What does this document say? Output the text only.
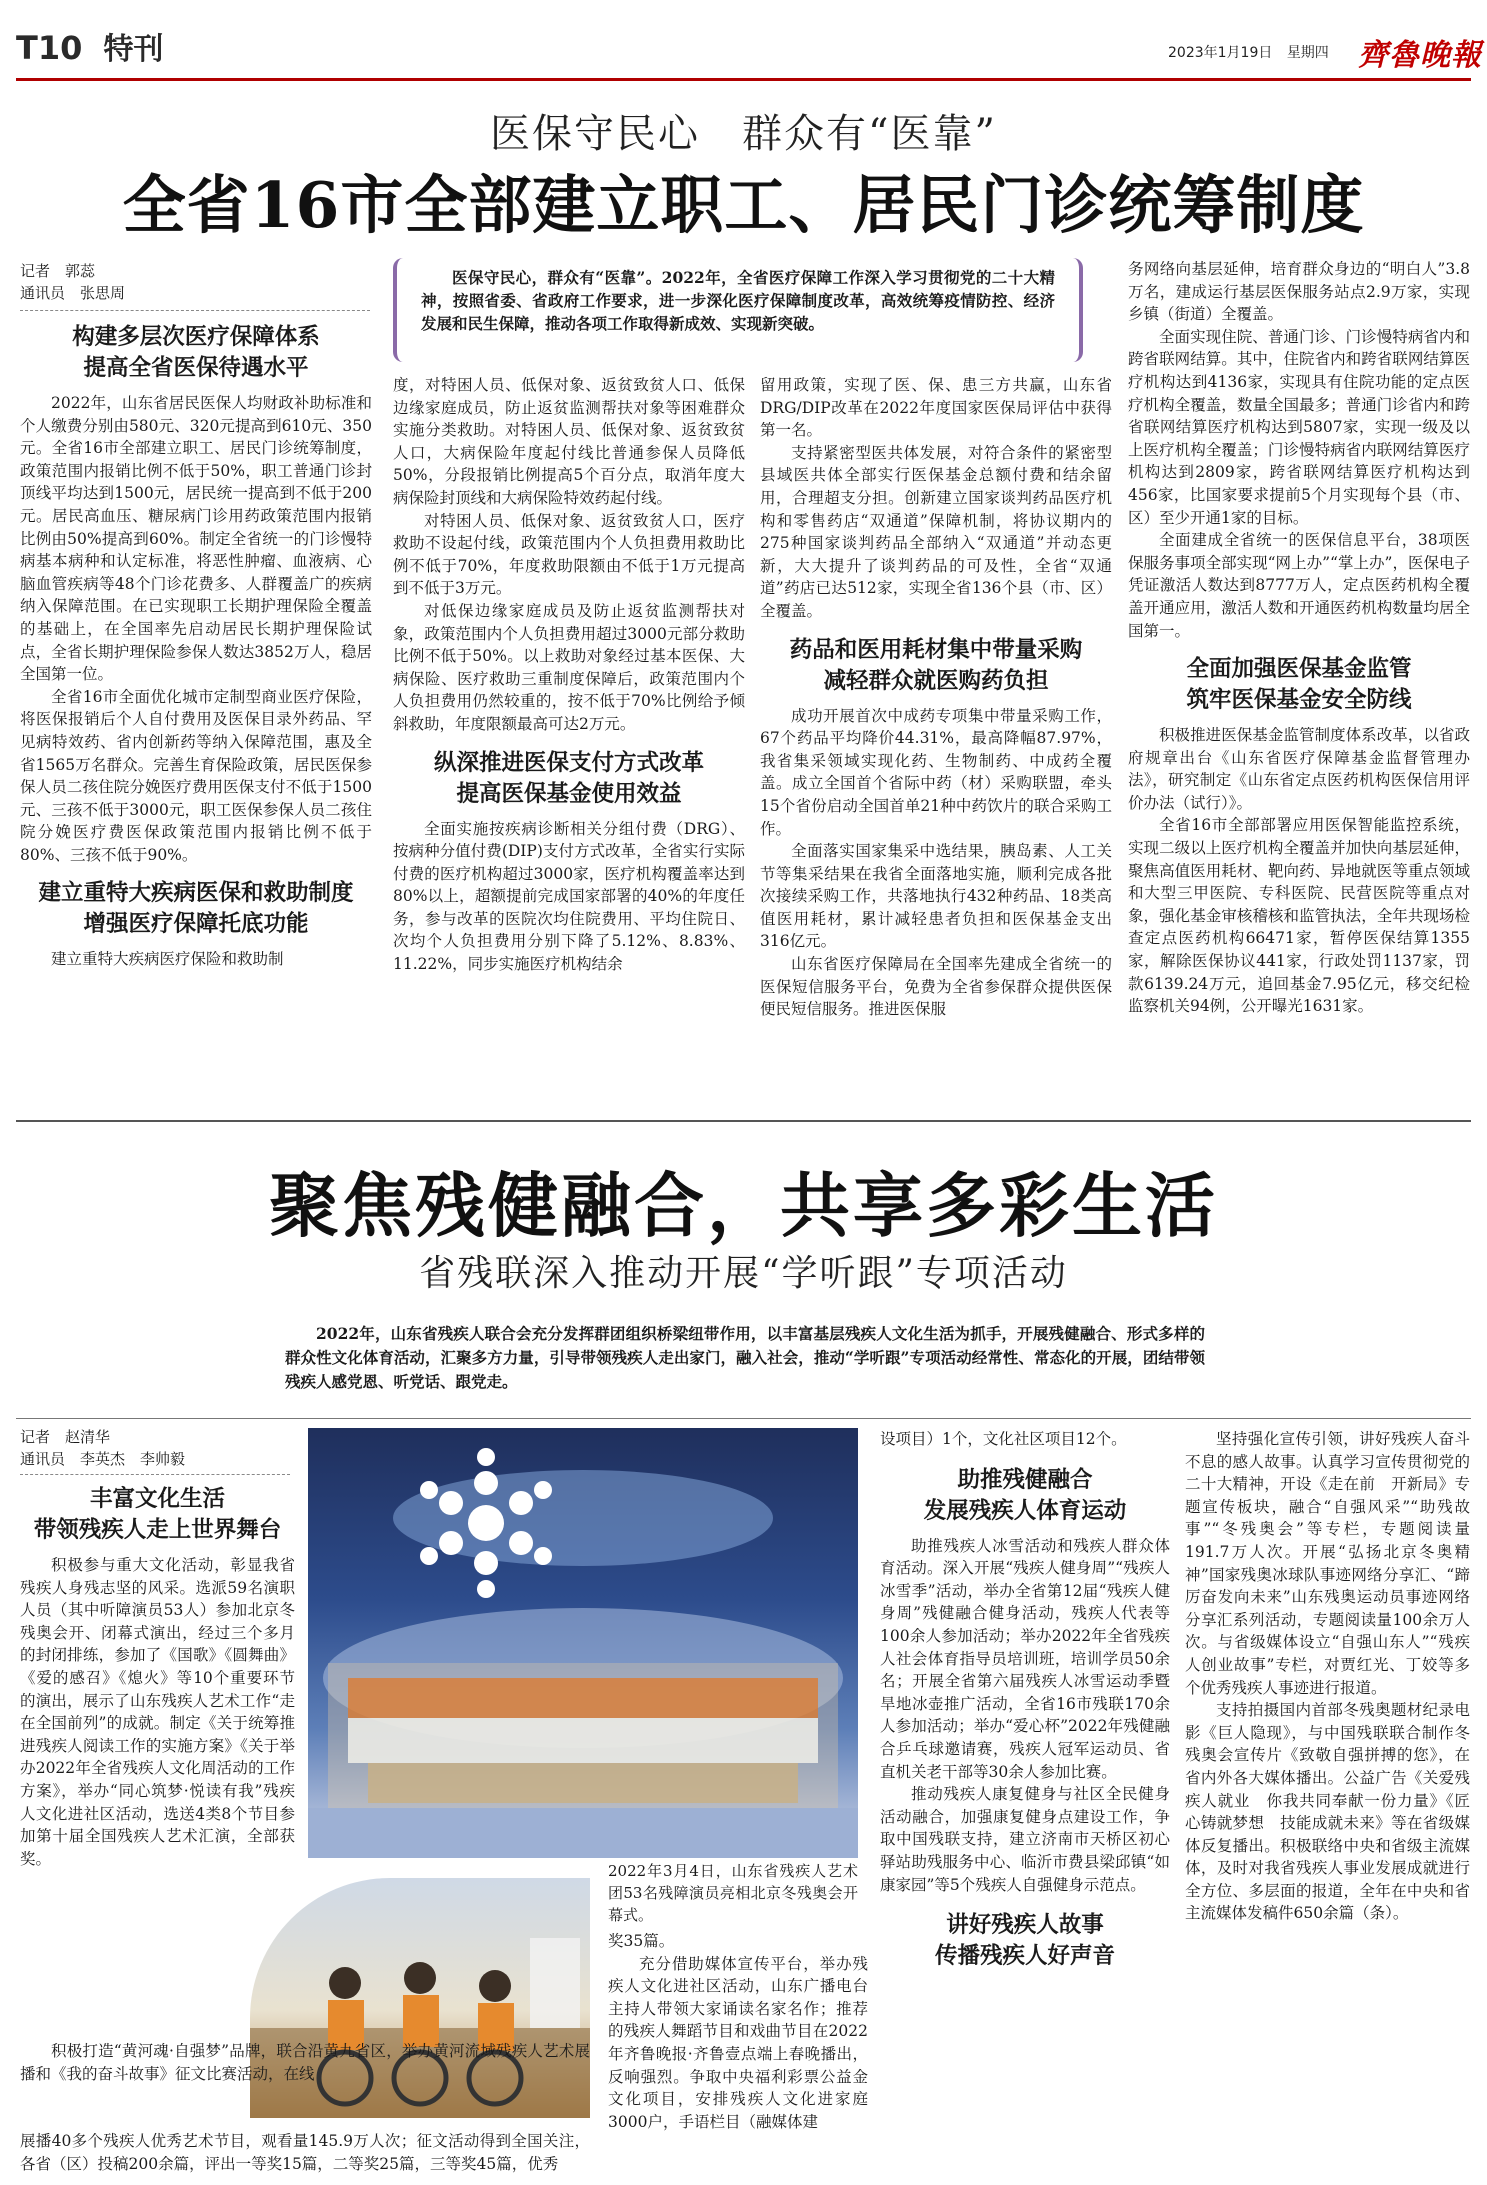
T10 特刊	2023年1月19日 星期四 齊魯晚報
医保守民心　群众有“医靠”
全省16市全部建立职工、居民门诊统筹制度
记者　郭蕊
通讯员　张思周
医保守民心，群众有“医靠”。2022年，全省医疗保障工作深入学习贯彻党的二十大精神，按照省委、省政府工作要求，进一步深化医疗保障制度改革，高效统筹疫情防控、经济发展和民生保障，推动各项工作取得新成效、实现新突破。
构建多层次医疗保障体系
提高全省医保待遇水平

2022年，山东省居民医保人均财政补助标准和个人缴费分别由580元、320元提高到610元、350元。全省16市全部建立职工、居民门诊统筹制度，政策范围内报销比例不低于50%，职工普通门诊封顶线平均达到1500元，居民统一提高到不低于200元。居民高血压、糖尿病门诊用药政策范围内报销比例由50%提高到60%。制定全省统一的门诊慢特病基本病种和认定标准，将恶性肿瘤、血液病、心脑血管疾病等48个门诊花费多、人群覆盖广的疾病纳入保障范围。在已实现职工长期护理保险全覆盖的基础上，在全国率先启动居民长期护理保险试点，全省长期护理保险参保人数达3852万人，稳居全国第一位。

全省16市全面优化城市定制型商业医疗保险，将医保报销后个人自付费用及医保目录外药品、罕见病特效药、省内创新药等纳入保障范围，惠及全省1565万名群众。完善生育保险政策，居民医保参保人员二孩住院分娩医疗费用医保支付不低于1500元、三孩不低于3000元，职工医保参保人员二孩住院分娩医疗费医保政策范围内报销比例不低于80%、三孩不低于90%。

建立重特大疾病医保和救助制度
增强医疗保障托底功能

建立重特大疾病医疗保险和救助制

度，对特困人员、低保对象、返贫致贫人口、低保边缘家庭成员，防止返贫监测帮扶对象等困难群众实施分类救助。对特困人员、低保对象、返贫致贫人口，大病保险年度起付线比普通参保人员降低50%，分段报销比例提高5个百分点，取消年度大病保险封顶线和大病保险特效药起付线。

对特困人员、低保对象、返贫致贫人口，医疗救助不设起付线，政策范围内个人负担费用救助比例不低于70%，年度救助限额由不低于1万元提高到不低于3万元。

对低保边缘家庭成员及防止返贫监测帮扶对象，政策范围内个人负担费用超过3000元部分救助比例不低于50%。以上救助对象经过基本医保、大病保险、医疗救助三重制度保障后，政策范围内个人负担费用仍然较重的，按不低于70%比例给予倾斜救助，年度限额最高可达2万元。

纵深推进医保支付方式改革
提高医保基金使用效益

全面实施按疾病诊断相关分组付费（DRG）、按病种分值付费(DIP)支付方式改革，全省实行实际付费的医疗机构超过3000家，医疗机构覆盖率达到80%以上，超额提前完成国家部署的40%的年度任务，参与改革的医院次均住院费用、平均住院日、次均个人负担费用分别下降了5.12%、8.83%、11.22%，同步实施医疗机构结余

留用政策，实现了医、保、患三方共赢，山东省DRG/DIP改革在2022年度国家医保局评估中获得第一名。

支持紧密型医共体发展，对符合条件的紧密型县域医共体全部实行医保基金总额付费和结余留用，合理超支分担。创新建立国家谈判药品医疗机构和零售药店“双通道”保障机制，将协议期内的275种国家谈判药品全部纳入“双通道”并动态更新，大大提升了谈判药品的可及性，全省“双通道”药店已达512家，实现全省136个县（市、区）全覆盖。

药品和医用耗材集中带量采购
减轻群众就医购药负担

成功开展首次中成药专项集中带量采购工作，67个药品平均降价44.31%，最高降幅87.97%，我省集采领域实现化药、生物制药、中成药全覆盖。成立全国首个省际中药（材）采购联盟，牵头15个省份启动全国首单21种中药饮片的联合采购工作。

全面落实国家集采中选结果，胰岛素、人工关节等集采结果在我省全面落地实施，顺利完成各批次接续采购工作，共落地执行432种药品、18类高值医用耗材，累计减轻患者负担和医保基金支出316亿元。

山东省医疗保障局在全国率先建成全省统一的医保短信服务平台，免费为全省参保群众提供医保便民短信服务。推进医保服

务网络向基层延伸，培育群众身边的“明白人”3.8万名，建成运行基层医保服务站点2.9万家，实现乡镇（街道）全覆盖。

全面实现住院、普通门诊、门诊慢特病省内和跨省联网结算。其中，住院省内和跨省联网结算医疗机构达到4136家，实现具有住院功能的定点医疗机构全覆盖，数量全国最多；普通门诊省内和跨省联网结算医疗机构达到5807家，实现一级及以上医疗机构全覆盖；门诊慢特病省内联网结算医疗机构达到2809家，跨省联网结算医疗机构达到456家，比国家要求提前5个月实现每个县（市、区）至少开通1家的目标。

全面建成全省统一的医保信息平台，38项医保服务事项全部实现“网上办”“掌上办”，医保电子凭证激活人数达到8777万人，定点医药机构全覆盖开通应用，激活人数和开通医药机构数量均居全国第一。

全面加强医保基金监管
筑牢医保基金安全防线

积极推进医保基金监管制度体系改革，以省政府规章出台《山东省医疗保障基金监督管理办法》，研究制定《山东省定点医药机构医保信用评价办法（试行）》。

全省16市全部部署应用医保智能监控系统，实现二级以上医疗机构全覆盖并加快向基层延伸，聚焦高值医用耗材、靶向药、异地就医等重点领域和大型三甲医院、专科医院、民营医院等重点对象，强化基金审核稽核和监管执法，全年共现场检查定点医药机构66471家，暂停医保结算1355家，解除医保协议441家，行政处罚1137家，罚款6139.24万元，追回基金7.95亿元，移交纪检监察机关94例，公开曝光1631家。

聚焦残健融合，共享多彩生活
省残联深入推动开展“学听跟”专项活动
2022年，山东省残疾人联合会充分发挥群团组织桥梁纽带作用，以丰富基层残疾人文化生活为抓手，开展残健融合、形式多样的群众性文化体育活动，汇聚多方力量，引导带领残疾人走出家门，融入社会，推动“学听跟”专项活动经常性、常态化的开展，团结带领残疾人感党恩、听党话、跟党走。
记者　赵清华
通讯员　李英杰　李帅毅
丰富文化生活
带领残疾人走上世界舞台

积极参与重大文化活动，彰显我省残疾人身残志坚的风采。选派59名演职人员（其中听障演员53人）参加北京冬残奥会开、闭幕式演出，经过三个多月的封闭排练，参加了《国歌》《圆舞曲》《爱的感召》《熄火》等10个重要环节的演出，展示了山东残疾人艺术工作“走在全国前列”的成就。制定《关于统筹推进残疾人阅读工作的实施方案》《关于举办2022年全省残疾人文化周活动的工作方案》，举办“同心筑梦·悦读有我”残疾人文化进社区活动，选送4类8个节目参加第十届全国残疾人艺术汇演，全部获奖。

2022年3月4日，山东省残疾人艺术团53名残障演员亮相北京冬残奥会开幕式。

积极打造“黄河魂·自强梦”品牌，联合沿黄九省区，举办黄河流域残疾人艺术展播和《我的奋斗故事》征文比赛活动，在线

展播40多个残疾人优秀艺术节目，观看量145.9万人次；征文活动得到全国关注，各省（区）投稿200余篇，评出一等奖15篇，二等奖25篇，三等奖45篇，优秀

奖35篇。

充分借助媒体宣传平台，举办残疾人文化进社区活动，山东广播电台主持人带领大家诵读名家名作；推荐的残疾人舞蹈节目和戏曲节目在2022年齐鲁晚报·齐鲁壹点端上春晚播出，反响强烈。争取中央福利彩票公益金文化项目，安排残疾人文化进家庭3000户，手语栏目（融媒体建

设项目）1个，文化社区项目12个。

助推残健融合
发展残疾人体育运动

助推残疾人冰雪活动和残疾人群众体育活动。深入开展“残疾人健身周”“残疾人冰雪季”活动，举办全省第12届“残疾人健身周”残健融合健身活动，残疾人代表等100余人参加活动；举办2022年全省残疾人社会体育指导员培训班，培训学员50余名；开展全省第六届残疾人冰雪运动季暨旱地冰壶推广活动，全省16市残联170余人参加活动；举办“爱心杯”2022年残健融合乒乓球邀请赛，残疾人冠军运动员、省直机关老干部等30余人参加比赛。

推动残疾人康复健身与社区全民健身活动融合，加强康复健身点建设工作，争取中国残联支持，建立济南市天桥区初心驿站助残服务中心、临沂市费县梁邱镇“如康家园”等5个残疾人自强健身示范点。

讲好残疾人故事
传播残疾人好声音

坚持强化宣传引领，讲好残疾人奋斗不息的感人故事。认真学习宣传贯彻党的二十大精神，开设《走在前　开新局》专题宣传板块，融合“自强风采”“助残故事”“冬残奥会”等专栏，专题阅读量191.7万人次。开展“弘扬北京冬奥精神”国家残奥冰球队事迹网络分享汇、“蹄厉奋发向未来”山东残奥运动员事迹网络分享汇系列活动，专题阅读量100余万人次。与省级媒体设立“自强山东人”“残疾人创业故事”专栏，对贾红光、丁姣等多个优秀残疾人事迹进行报道。

支持拍摄国内首部冬残奥题材纪录电影《巨人隐现》，与中国残联联合制作冬残奥会宣传片《致敬自强拼搏的您》，在省内外各大媒体播出。公益广告《关爱残疾人就业　你我共同奉献一份力量》《匠心铸就梦想　技能成就未来》等在省级媒体反复播出。积极联络中央和省级主流媒体，及时对我省残疾人事业发展成就进行全方位、多层面的报道，全年在中央和省主流媒体发稿件650余篇（条）。
